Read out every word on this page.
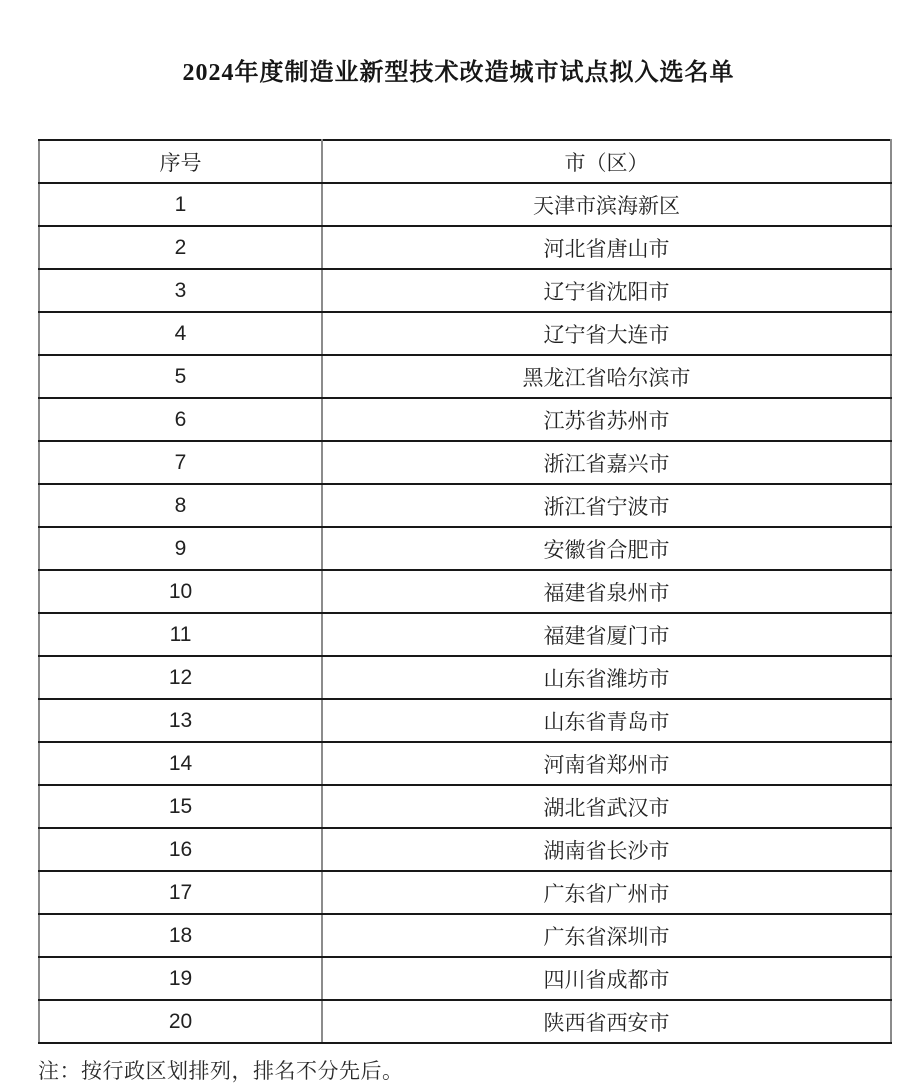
2024年度制造业新型技术改造城市试点拟入选名单
序号	市（区）
1	天津市滨海新区
2	河北省唐山市
3	辽宁省沈阳市
4	辽宁省大连市
5	黑龙江省哈尔滨市
6	江苏省苏州市
7	浙江省嘉兴市
8	浙江省宁波市
9	安徽省合肥市
10	福建省泉州市
11	福建省厦门市
12	山东省潍坊市
13	山东省青岛市
14	河南省郑州市
15	湖北省武汉市
16	湖南省长沙市
17	广东省广州市
18	广东省深圳市
19	四川省成都市
20	陕西省西安市
注：按行政区划排列，排名不分先后。
